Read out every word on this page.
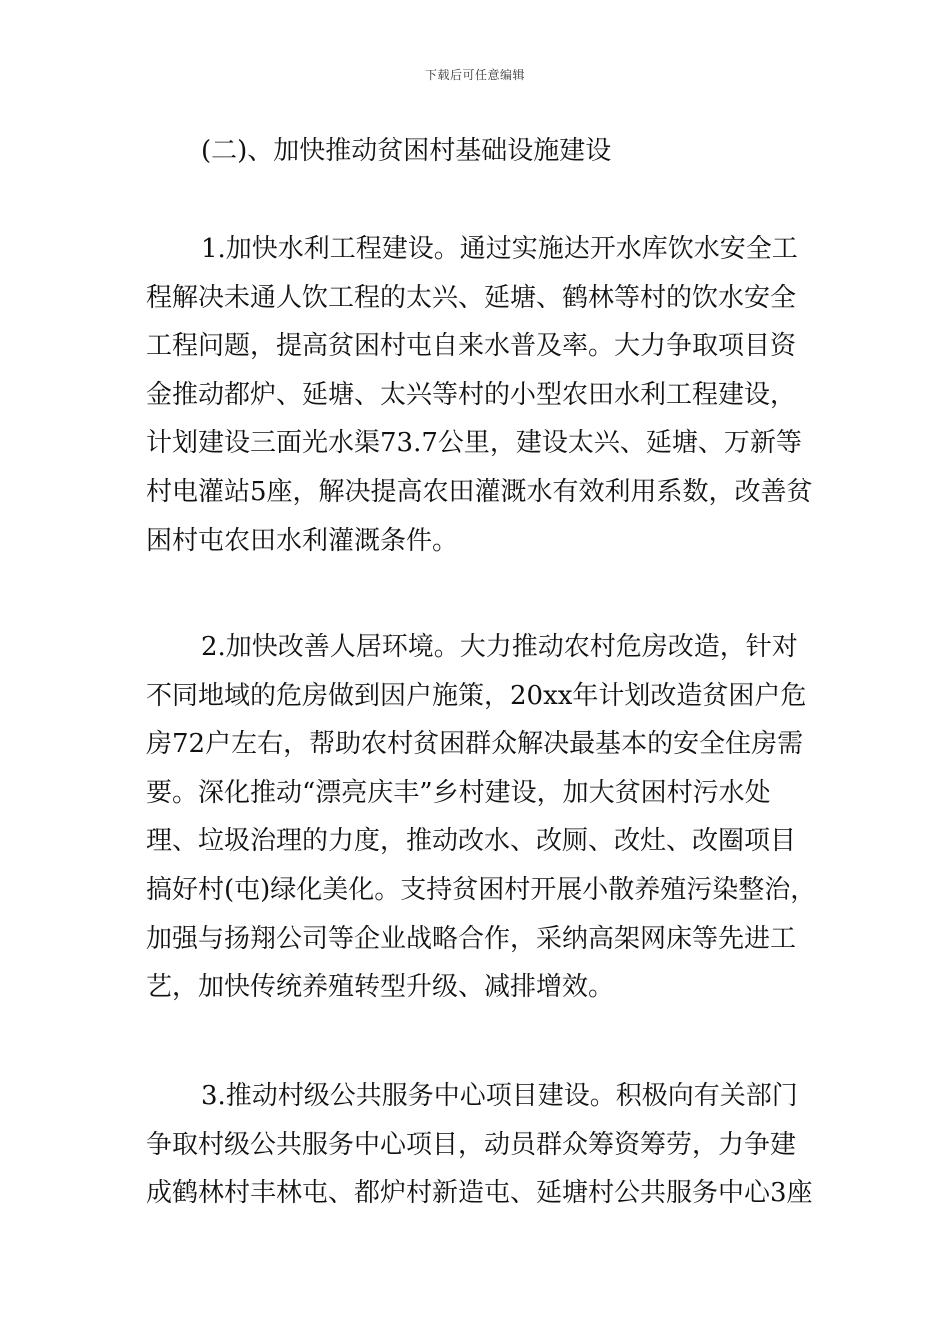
下载后可任意编辑
(二)、加快推动贫困村基础设施建设
1.加快水利工程建设。通过实施达开水库饮水安全工
程解决未通人饮工程的太兴、延塘、鹤林等村的饮水安全
工程问题，提高贫困村屯自来水普及率。大力争取项目资
金推动都炉、延塘、太兴等村的小型农田水利工程建设，
计划建设三面光水渠73.7公里，建设太兴、延塘、万新等
村电灌站5座，解决提高农田灌溉水有效利用系数，改善贫
困村屯农田水利灌溉条件。
2.加快改善人居环境。大力推动农村危房改造，针对
不同地域的危房做到因户施策，20xx年计划改造贫困户危
房72户左右，帮助农村贫困群众解决最基本的安全住房需
要。深化推动“漂亮庆丰”乡村建设，加大贫困村污水处
理、垃圾治理的力度，推动改水、改厕、改灶、改圈项目
搞好村(屯)绿化美化。支持贫困村开展小散养殖污染整治，
加强与扬翔公司等企业战略合作，采纳高架网床等先进工
艺，加快传统养殖转型升级、减排增效。
3.推动村级公共服务中心项目建设。积极向有关部门
争取村级公共服务中心项目，动员群众筹资筹劳，力争建
成鹤林村丰林屯、都炉村新造屯、延塘村公共服务中心3座
